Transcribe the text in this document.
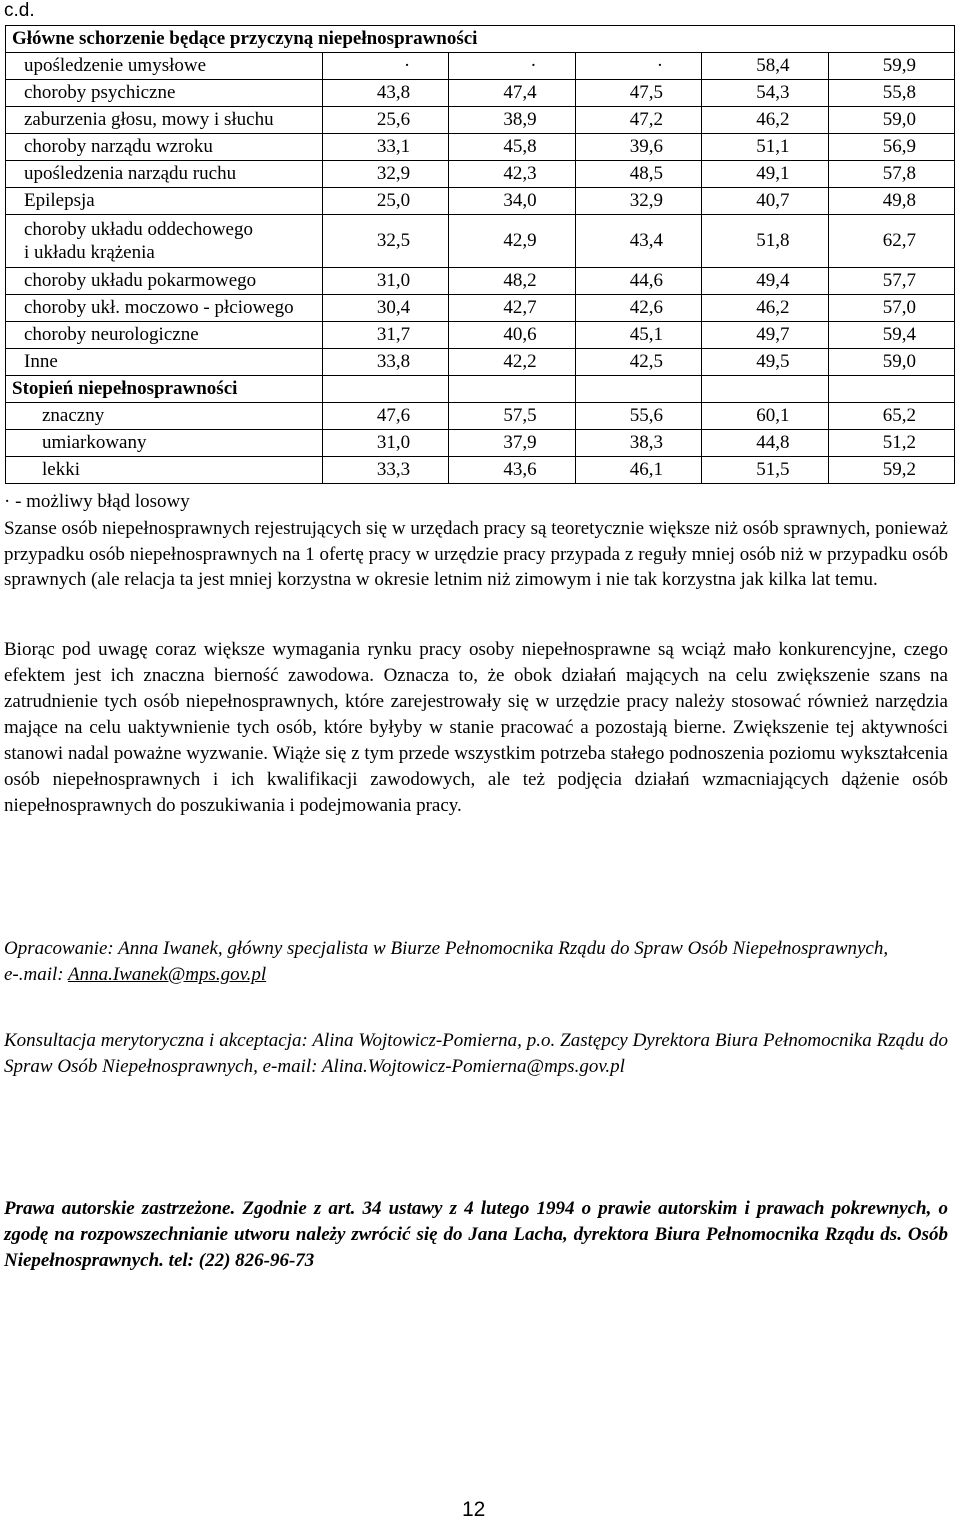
c.d.
Główne schorzenie będące przyczyną niepełnosprawności					
upośledzenie umysłowe	·	·	·	58,4	59,9
choroby psychiczne	43,8	47,4	47,5	54,3	55,8
zaburzenia głosu, mowy i słuchu	25,6	38,9	47,2	46,2	59,0
choroby narządu wzroku	33,1	45,8	39,6	51,1	56,9
upośledzenia narządu ruchu	32,9	42,3	48,5	49,1	57,8
Epilepsja	25,0	34,0	32,9	40,7	49,8
choroby układu oddechowego
i układu krążenia	32,5	42,9	43,4	51,8	62,7
choroby układu pokarmowego	31,0	48,2	44,6	49,4	57,7
choroby ukł. moczowo - płciowego	30,4	42,7	42,6	46,2	57,0
choroby neurologiczne	31,7	40,6	45,1	49,7	59,4
Inne	33,8	42,2	42,5	49,5	59,0
Stopień niepełnosprawności					
znaczny	47,6	57,5	55,6	60,1	65,2
umiarkowany	31,0	37,9	38,3	44,8	51,2
lekki	33,3	43,6	46,1	51,5	59,2
· - możliwy błąd losowy

Szanse osób niepełnosprawnych rejestrujących się w urzędach pracy są teoretycznie większe niż osób sprawnych, ponieważ przypadku osób niepełnosprawnych na 1 ofertę pracy w urzędzie pracy przypada z reguły mniej osób niż w przypadku osób sprawnych (ale relacja ta jest mniej korzystna w okresie letnim niż zimowym i nie tak korzystna jak kilka lat temu.

Biorąc pod uwagę coraz większe wymagania rynku pracy osoby niepełnosprawne są wciąż mało konkurencyjne, czego efektem jest ich znaczna bierność zawodowa. Oznacza to, że obok działań mających na celu zwiększenie szans na zatrudnienie tych osób niepełnosprawnych, które zarejestrowały się w urzędzie pracy należy stosować również narzędzia mające na celu uaktywnienie tych osób, które byłyby w stanie pracować a pozostają bierne. Zwiększenie tej aktywności stanowi nadal poważne wyzwanie. Wiąże się z tym przede wszystkim potrzeba stałego podnoszenia poziomu wykształcenia osób niepełnosprawnych i ich kwalifikacji zawodowych, ale też podjęcia działań wzmacniających dążenie osób niepełnosprawnych do poszukiwania i podejmowania pracy.

Opracowanie: Anna Iwanek, główny specjalista w Biurze Pełnomocnika Rządu do Spraw Osób Niepełnosprawnych,
e-.mail: Anna.Iwanek@mps.gov.pl

Konsultacja merytoryczna i akceptacja: Alina Wojtowicz-Pomierna, p.o. Zastępcy Dyrektora Biura Pełnomocnika Rządu do Spraw Osób Niepełnosprawnych, e-mail: Alina.Wojtowicz-Pomierna@mps.gov.pl

Prawa autorskie zastrzeżone. Zgodnie z art. 34 ustawy z 4 lutego 1994 o prawie autorskim i prawach pokrewnych, o zgodę na rozpowszechnianie utworu należy zwrócić się do Jana Lacha, dyrektora Biura Pełnomocnika Rządu ds. Osób Niepełnosprawnych. tel: (22) 826-96-73

12
